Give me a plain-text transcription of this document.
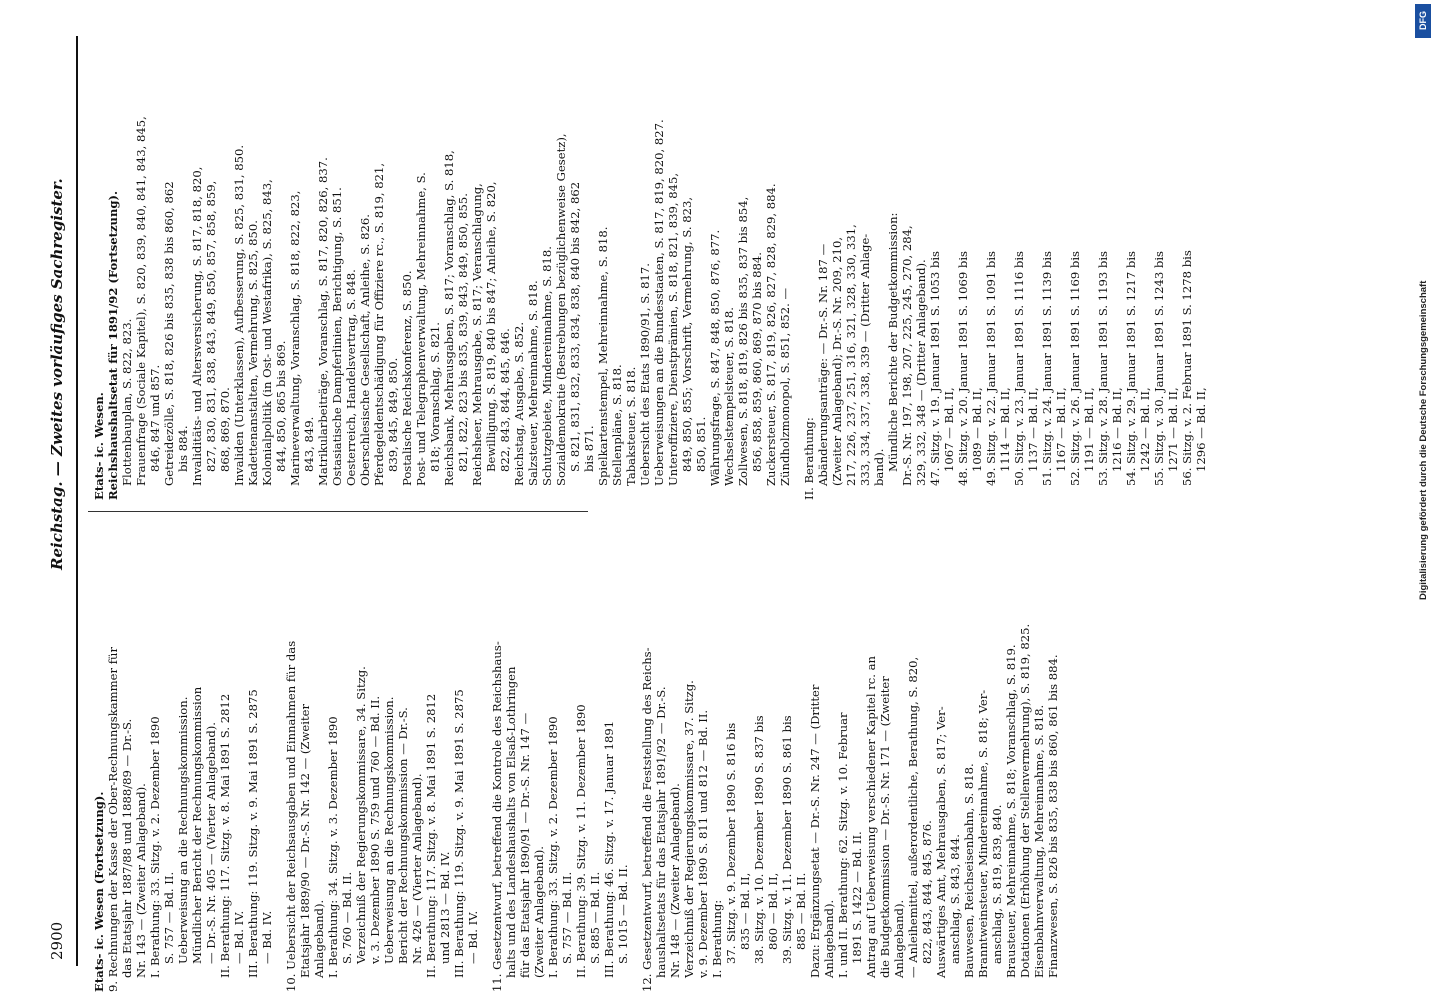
2900
Reichstag. — Zweites vorläufiges Sachregister.
Etats- ic. Wesen (Fortsetzung). 9. Rechnungen der Kasse der Ober-Rechnungskammer für das Etatsjahr 1887/88 und 1888/89 — Dr.-S. Nr. 143 — (Zweiter Anlageband). I. Berathung: 33. Sitzg. v. 2. Dezember 1890 S. 757 — Bd. II. Ueberweisung an die Rechnungskommission. Mündlicher Bericht der Rechnungskommission — Dr.-S. Nr. 405 — (Vierter Anlageband). II. Berathung: 117. Sitzg. v. 8. Mai 1891 S. 2812 — Bd. IV. III. Berathung: 119. Sitzg. v. 9. Mai 1891 S. 2875 — Bd. IV. 10. Uebersicht der Reichsausgaben und Einnahmen für das Etatsjahr 1889/90 — Dr.-S. Nr. 142 — (Zweiter Anlageband). I. Berathung: 34. Sitzg. v. 3. Dezember 1890 S. 760 — Bd. II. Verzeichniß der Regierungskommissare, 34. Sitzg. v. 3. Dezember 1890 S. 759 und 760 — Bd. II. Ueberweisung an die Rechnungskommission. Bericht der Rechnungskommission — Dr.-S. Nr. 426 — (Vierter Anlageband). II. Berathung: 117. Sitzg. v. 8. Mai 1891 S. 2812 und 2813 — Bd. IV. III. Berathung: 119. Sitzg. v. 9. Mai 1891 S. 2875 — Bd. IV. 11. Gesetzentwurf, betreffend die Kontrole des Reichshaus- halts und des Landeshaushalts von Elsaß-Lothringen für das Etatsjahr 1890/91 — Dr.-S. Nr. 147 — (Zweiter Anlageband). I. Berathung: 33. Sitzg. v. 2. Dezember 1890 S. 757 — Bd. II. II. Berathung: 39. Sitzg. v. 11. Dezember 1890 S. 885 — Bd. II. III. Berathung: 46. Sitzg. v. 17. Januar 1891 S. 1015 — Bd. II. 12. Gesetzentwurf, betreffend die Feststellung des Reichs- haushaltsetats für das Etatsjahr 1891/92 — Dr.-S. Nr. 148 — (Zweiter Anlageband). Verzeichniß der Regierungskommissare, 37. Sitzg. v. 9. Dezember 1890 S. 811 und 812 — Bd. II. I. Berathung: 37. Sitzg. v. 9. Dezember 1890 S. 816 bis 835 — Bd. II, 38. Sitzg. v. 10. Dezember 1890 S. 837 bis 860 — Bd. II, 39. Sitzg. v. 11. Dezember 1890 S. 861 bis 885 — Bd. II. Dazu: Ergänzungsetat — Dr.-S. Nr. 247 — (Dritter Anlageband). I. und II. Berathung: 62. Sitzg. v. 10. Februar 1891 S. 1422 — Bd. II. Antrag auf Ueberweisung verschiedener Kapitel rc. an die Budgetkommission — Dr.-S. Nr. 171 — (Zweiter Anlageband). — Anleihemittel, außerordentliche, Berathung, S. 820, 822, 843, 844, 845, 876. Auswärtiges Amt, Mehrausgaben, S. 817; Ver- anschlag, S. 843, 844. Bauwesen, Reichseisenbahn, S. 818. Branntweinsteuer, Mindereinnahme, S. 818; Ver- anschlag, S. 819, 839, 840. Brausteuer, Mehreinnahme, S. 818; Voranschlag, S. 819. Dotationen (Erhöhung der Stellenvermehrung), S. 819, 825. Eisenbahnverwaltung, Mehreinnahme, S. 818. Finanzwesen, S. 826 bis 835, 838 bis 860, 861 bis 884.
Etats- ic. Wesen. Reichshaushaltsetat für 1891/92 (Fortsetzung). Flottenbauplan, S. 822, 823. Frauenfrage (Sociale Kapitel), S. 820, 839, 840, 841, 843, 845, 846, 847 und 857. Getreidezölle, S. 818, 826 bis 835, 838 bis 860, 862 bis 884. Invaliditäts- und Altersversicherung, S. 817, 818, 820, 827, 830, 831, 838, 843, 849, 850, 857, 858, 859, 868, 869, 870. Invaliden (Unterklassen), Aufbesserung, S. 825, 831, 850. Kadettenanstalten, Vermehrung, S. 825, 850. Kolonialpolitik (in Ost- und Westafrika), S. 825, 843, 844, 850, 865 bis 869. Marineverwaltung, Voranschlag, S. 818, 822, 823, 843, 849. Matrikularbeiträge, Voranschlag, S. 817, 820, 826, 837. Ostasiatische Dampferlinien, Berichtigung, S. 851. Oesterreich, Handelsvertrag, S. 848. Oberschlesische Gesellschaft, Anleihe, S. 826. Pferdegeldentschädigung für Offiziere rc., S. 819, 821, 839, 845, 849, 850. Postalische Reichskonferenz, S. 850. Post- und Telegraphenverwaltung, Mehreinnahme, S. 818; Voranschlag, S. 821. Reichsbank, Mehrausgaben, S. 817; Voranschlag, S. 818, 821, 822, 823 bis 835, 839, 843, 849, 850, 855. Reichsheer, Mehrausgabe, S. 817; Veranschlagung, Bewilligung, S. 819, 840 bis 847; Anleihe, S. 820, 822, 843, 844, 845, 846. Reichstag, Ausgabe, S. 852. Salzsteuer, Mehreinnahme, S. 818. Schutzgebiete, Mindereinnahme, S. 818. Sozialdemokratie (Bestrebungen bezüglichenweise Gesetz), S. 821, 831, 832, 833, 834, 838, 840 bis 842, 862 bis 871. Spielkartenstempel, Mehreinnahme, S. 818. Stellenpläne, S. 818. Tabaksteuer, S. 818. Uebersicht des Etats 1890/91, S. 817. Ueberweisungen an die Bundesstaaten, S. 817, 819, 820, 827. Unteroffiziere, Dienstprämien, S. 818, 821, 839, 845, 849, 850, 855; Vorschrift, Vermehrung, S. 823, 850, 851. Währungsfrage, S. 847, 848, 850, 876, 877. Wechselstempelsteuer, S. 818. Zollwesen, S. 818, 819, 826 bis 835, 837 bis 854, 856, 858, 859, 860, 869, 870 bis 884. Zuckersteuer, S. 817, 819, 826, 827, 828, 829, 884. Zündholzmonopol, S. 851, 852. — II. Berathung: Abänderungsanträge: — Dr.-S. Nr. 187 — (Zweiter Anlageband); Dr.-S. Nr. 209, 210, 217, 226, 237, 251, 316, 321, 328, 330, 331, 333, 334, 337, 338, 339 — (Dritter Anlage- band). Mündliche Berichte der Budgetkommission: Dr.-S. Nr. 197, 198, 207, 225, 245, 270, 284, 329, 332, 348 — (Dritter Anlageband). 47. Sitzg. v. 19. Januar 1891 S. 1053 bis 1067 — Bd. II, 48. Sitzg. v. 20. Januar 1891 S. 1069 bis 1089 — Bd. II, 49. Sitzg. v. 22. Januar 1891 S. 1091 bis 1114 — Bd. II, 50. Sitzg. v. 23. Januar 1891 S. 1116 bis 1137 — Bd. II, 51. Sitzg. v. 24. Januar 1891 S. 1139 bis 1167 — Bd. II, 52. Sitzg. v. 26. Januar 1891 S. 1169 bis 1191 — Bd. II, 53. Sitzg. v. 28. Januar 1891 S. 1193 bis 1216 — Bd. II, 54. Sitzg. v. 29. Januar 1891 S. 1217 bis 1242 — Bd. II, 55. Sitzg. v. 30. Januar 1891 S. 1243 bis 1271 — Bd. II, 56. Sitzg. v. 2. Februar 1891 S. 1278 bis 1296 — Bd. II,
DFG
Digitalisierung gefördert durch die Deutsche Forschungsgemeinschaft
